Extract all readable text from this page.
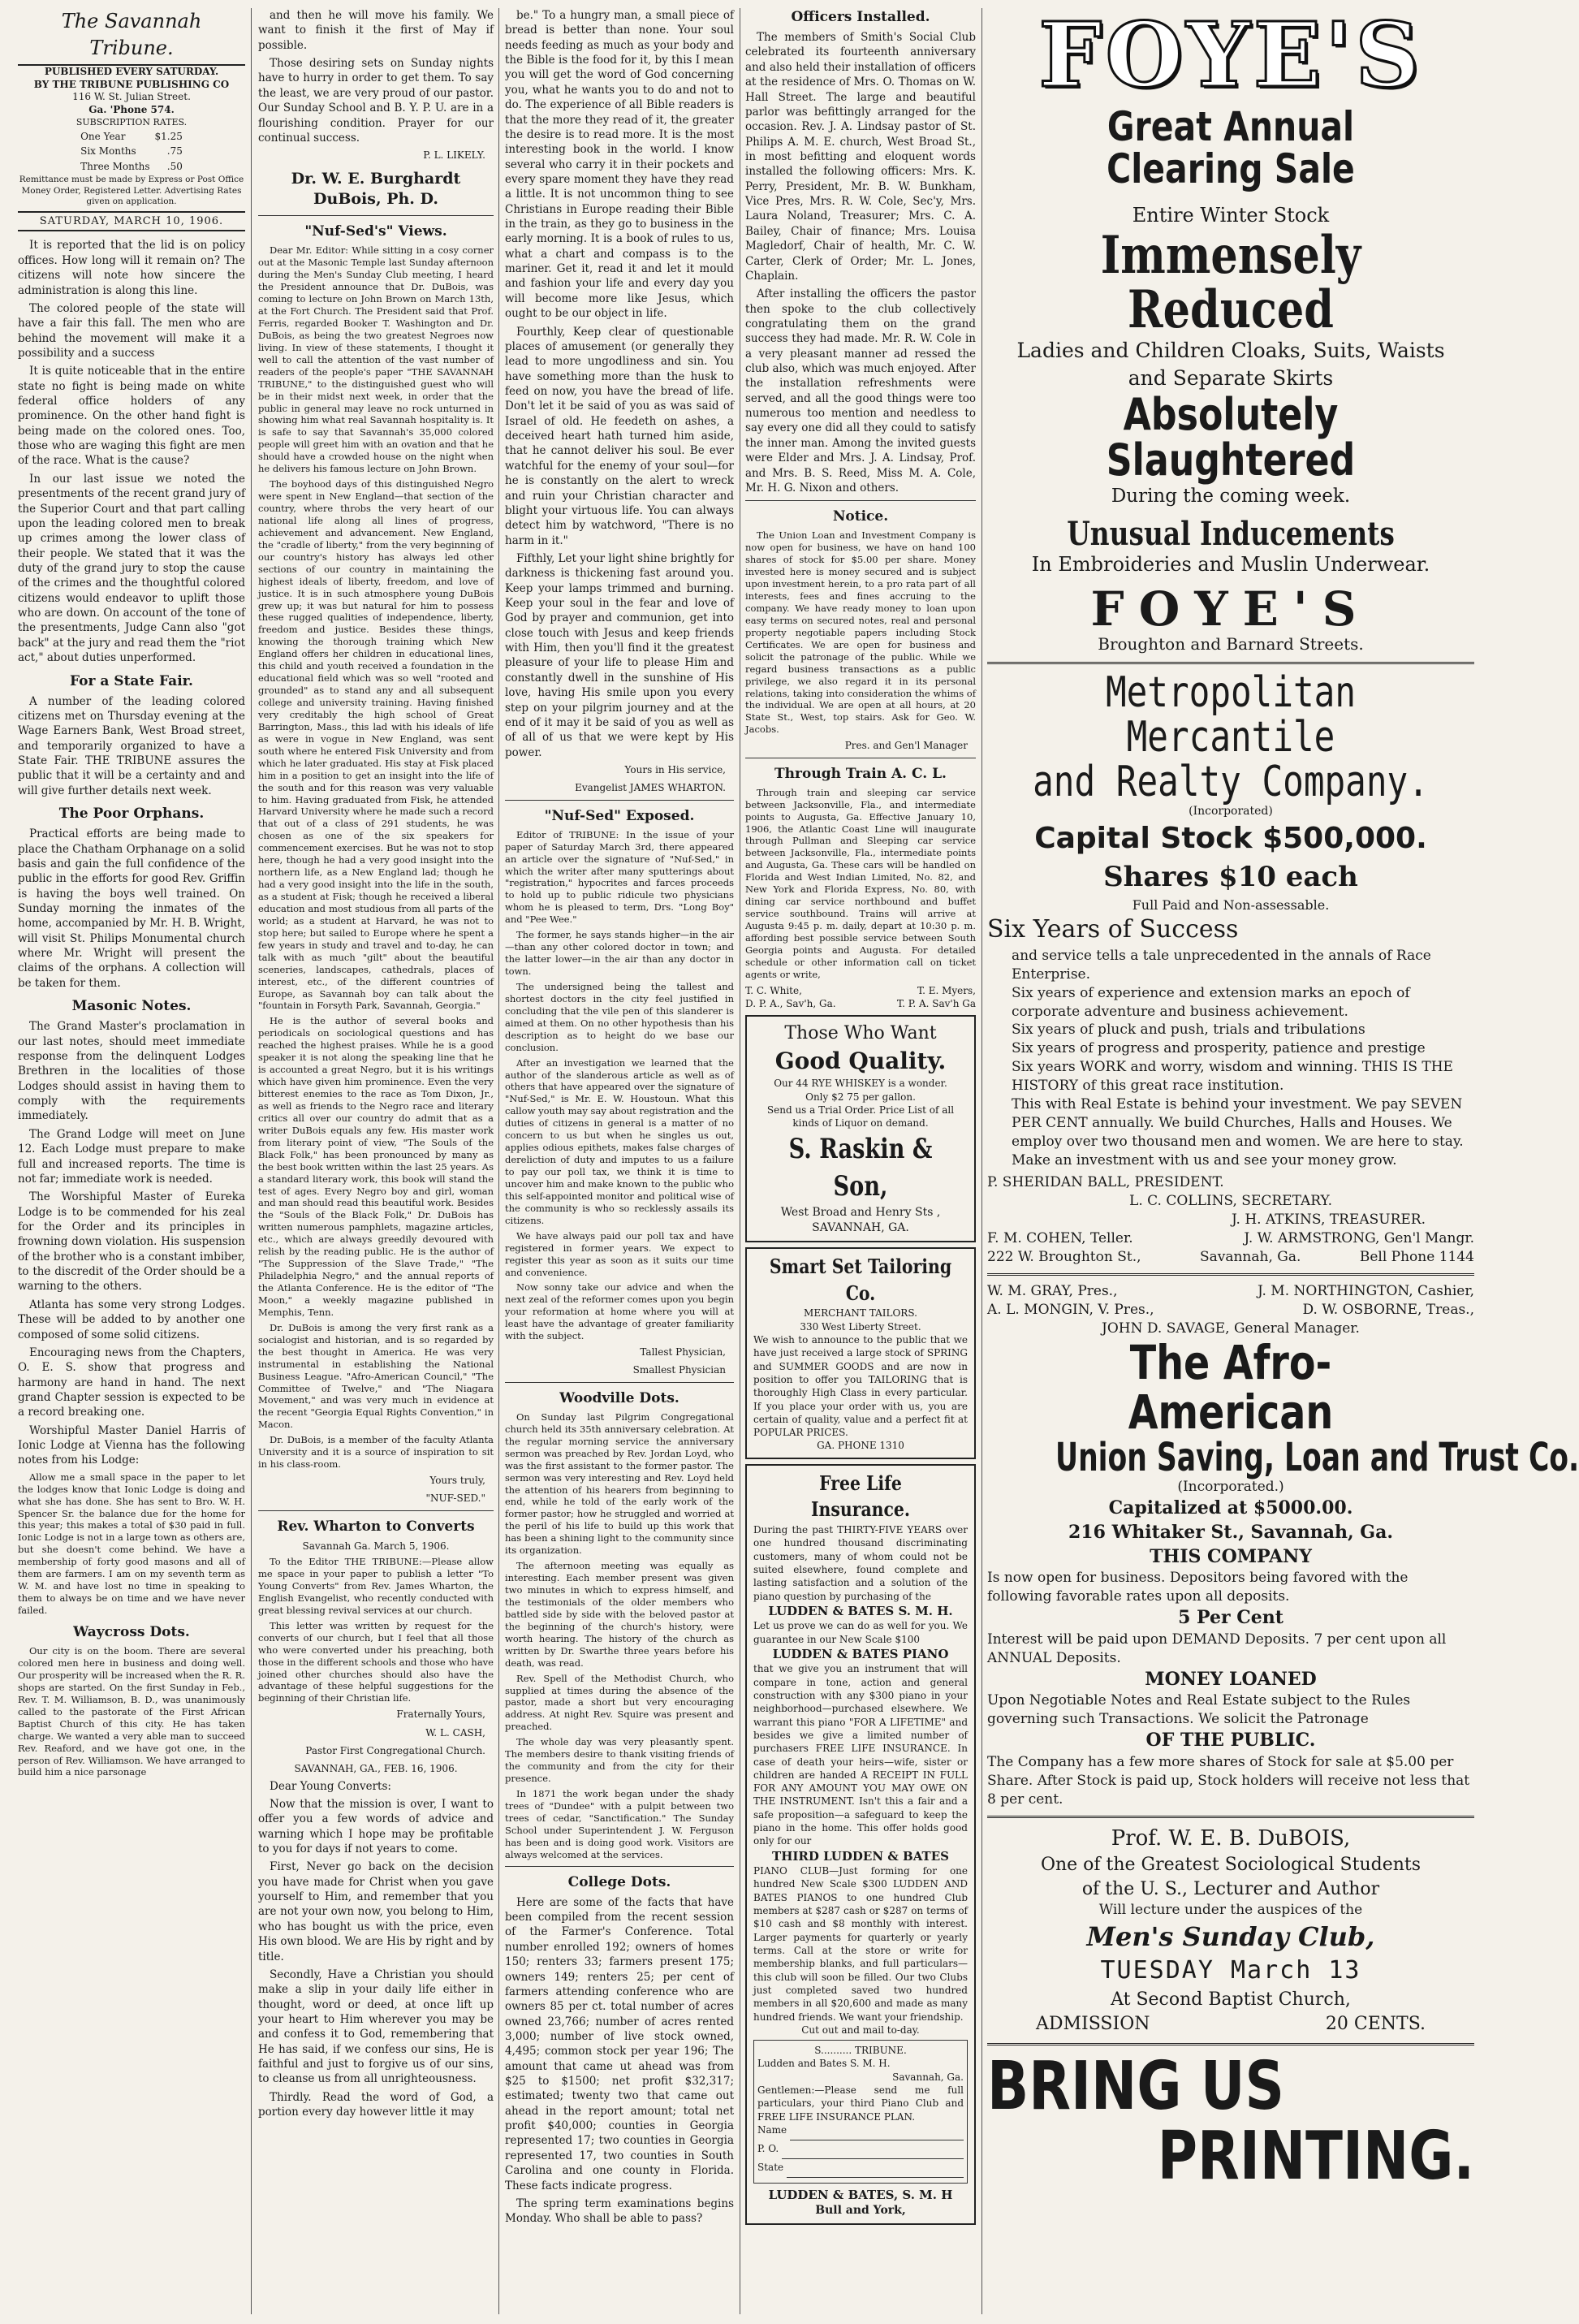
The Savannah Tribune.
PUBLISHED EVERY SATURDAY.
BY THE TRIBUNE PUBLISHING CO
116 W. St. Julian Street.
Ga. 'Phone 574.
SUBSCRIPTION RATES.
One Year	$1.25
Six Months	.75
Three Months	.50
Remittance must be made by Express or Post Office Money Order, Registered Letter. Advertising Rates given on application.
SATURDAY, MARCH 10, 1906.

It is reported that the lid is on policy offices. How long will it remain on? The citizens will note how sincere the administration is along this line.

The colored people of the state will have a fair this fall. The men who are behind the movement will make it a possibility and a success

It is quite noticeable that in the entire state no fight is being made on white federal office holders of any prominence. On the other hand fight is being made on the colored ones. Too, those who are waging this fight are men of the race. What is the cause?

In our last issue we noted the presentments of the recent grand jury of the Superior Court and that part calling upon the leading colored men to break up crimes among the lower class of their people. We stated that it was the duty of the grand jury to stop the cause of the crimes and the thoughtful colored citizens would endeavor to uplift those who are down. On account of the tone of the presentments, Judge Cann also "got back" at the jury and read them the "riot act," about duties unperformed.

For a State Fair.

A number of the leading colored citizens met on Thursday evening at the Wage Earners Bank, West Broad street, and temporarily organized to have a State Fair. THE TRIBUNE assures the public that it will be a certainty and and will give further details next week.

The Poor Orphans.

Practical efforts are being made to place the Chatham Orphanage on a solid basis and gain the full confidence of the public in the efforts for good Rev. Griffin is having the boys well trained. On Sunday morning the inmates of the home, accompanied by Mr. H. B. Wright, will visit St. Philips Monumental church where Mr. Wright will present the claims of the orphans. A collection will be taken for them.

Masonic Notes.

The Grand Master's proclamation in our last notes, should meet immediate response from the delinquent Lodges Brethren in the localities of those Lodges should assist in having them to comply with the requirements immediately.

The Grand Lodge will meet on June 12. Each Lodge must prepare to make full and increased reports. The time is not far; immediate work is needed.

The Worshipful Master of Eureka Lodge is to be commended for his zeal for the Order and its principles in frowning down violation. His suspension of the brother who is a constant imbiber, to the discredit of the Order should be a warning to the others.

Atlanta has some very strong Lodges. These will be added to by another one composed of some solid citizens.

Encouraging news from the Chapters, O. E. S. show that progress and harmony are hand in hand. The next grand Chapter session is expected to be a record breaking one.

Worshipful Master Daniel Harris of Ionic Lodge at Vienna has the following notes from his Lodge:

Allow me a small space in the paper to let the lodges know that Ionic Lodge is doing and what she has done. She has sent to Bro. W. H. Spencer Sr. the balance due for the home for this year; this makes a total of $30 paid in full. Ionic Lodge is not in a large town as others are, but she doesn't come behind. We have a membership of forty good masons and all of them are farmers. I am on my seventh term as W. M. and have lost no time in speaking to them to always be on time and we have never failed.

Waycross Dots.

Our city is on the boom. There are several colored men here in business and doing well. Our prosperity will be increased when the R. R. shops are started. On the first Sunday in Feb., Rev. T. M. Williamson, B. D., was unanimously called to the pastorate of the First African Baptist Church of this city. He has taken charge. We wanted a very able man to succeed Rev. Reaford, and we have got one, in the person of Rev. Williamson. We have arranged to build him a nice parsonage

and then he will move his family. We want to finish it the first of May if possible.

Those desiring sets on Sunday nights have to hurry in order to get them. To say the least, we are very proud of our pastor. Our Sunday School and B. Y. P. U. are in a flourishing condition. Prayer for our continual success.

P. L. LIKELY.
Dr. W. E. Burghardt DuBois, Ph. D.
"Nuf-Sed's" Views.

Dear Mr. Editor: While sitting in a cosy corner out at the Masonic Temple last Sunday afternoon during the Men's Sunday Club meeting, I heard the President announce that Dr. DuBois, was coming to lecture on John Brown on March 13th, at the Fort Church. The President said that Prof. Ferris, regarded Booker T. Washington and Dr. DuBois, as being the two greatest Negroes now living. In view of these statements, I thought it well to call the attention of the vast number of readers of the people's paper "THE SAVANNAH TRIBUNE," to the distinguished guest who will be in their midst next week, in order that the public in general may leave no rock unturned in showing him what real Savannah hospitality is. It is safe to say that Savannah's 35,000 colored people will greet him with an ovation and that he should have a crowded house on the night when he delivers his famous lecture on John Brown.

The boyhood days of this distinguished Negro were spent in New England—that section of the country, where throbs the very heart of our national life along all lines of progress, achievement and advancement. New England, the "cradle of liberty," from the very beginning of our country's history has always led other sections of our country in maintaining the highest ideals of liberty, freedom, and love of justice. It is in such atmosphere young DuBois grew up; it was but natural for him to possess these rugged qualities of independence, liberty, freedom and justice. Besides these things, knowing the thorough training which New England offers her children in educational lines, this child and youth received a foundation in the educational field which was so well "rooted and grounded" as to stand any and all subsequent college and university training. Having finished very creditably the high school of Great Barrington, Mass., this lad with his ideals of life as were in vogue in New England, was sent south where he entered Fisk University and from which he later graduated. His stay at Fisk placed him in a position to get an insight into the life of the south and for this reason was very valuable to him. Having graduated from Fisk, he attended Harvard University where he made such a record that out of a class of 291 students, he was chosen as one of the six speakers for commencement exercises. But he was not to stop here, though he had a very good insight into the northern life, as a New England lad; though he had a very good insight into the life in the south, as a student at Fisk; though he received a liberal education and most studious from all parts of the world; as a student at Harvard, he was not to stop here; but sailed to Europe where he spent a few years in study and travel and to-day, he can talk with as much "gilt" about the beautiful sceneries, landscapes, cathedrals, places of interest, etc., of the different countries of Europe, as Savannah boy can talk about the "fountain in Forsyth Park, Savannah, Georgia."

He is the author of several books and periodicals on sociological questions and has reached the highest praises. While he is a good speaker it is not along the speaking line that he is accounted a great Negro, but it is his writings which have given him prominence. Even the very bitterest enemies to the race as Tom Dixon, Jr., as well as friends to the Negro race and literary critics all over our country do admit that as a writer DuBois equals any few. His master work from literary point of view, "The Souls of the Black Folk," has been pronounced by many as the best book written within the last 25 years. As a standard literary work, this book will stand the test of ages. Every Negro boy and girl, woman and man should read this beautiful work. Besides the "Souls of the Black Folk," Dr. DuBois has written numerous pamphlets, magazine articles, etc., which are always greedily devoured with relish by the reading public. He is the author of "The Suppression of the Slave Trade," "The Philadelphia Negro," and the annual reports of the Atlanta Conference. He is the editor of "The Moon," a weekly magazine published in Memphis, Tenn.

Dr. DuBois is among the very first rank as a socialogist and historian, and is so regarded by the best thought in America. He was very instrumental in establishing the National Business League. "Afro-American Council," "The Committee of Twelve," and "The Niagara Movement," and was very much in evidence at the recent "Georgia Equal Rights Convention," in Macon.

Dr. DuBois, is a member of the faculty Atlanta University and it is a source of inspiration to sit in his class-room.

Yours truly,
"NUF-SED."
Rev. Wharton to Converts
Savannah Ga. March 5, 1906.

To the Editor THE TRIBUNE:—Please allow me space in your paper to publish a letter "To Young Converts" from Rev. James Wharton, the English Evangelist, who recently conducted with great blessing revival services at our church.

This letter was written by request for the converts of our church, but I feel that all those who were converted under his preaching, both those in the different schools and those who have joined other churches should also have the advantage of these helpful suggestions for the beginning of their Christian life.

Fraternally Yours,
W. L. CASH,
Pastor First Congregational Church.
SAVANNAH, GA., FEB. 16, 1906.

Dear Young Converts:

Now that the mission is over, I want to offer you a few words of advice and warning which I hope may be profitable to you for days if not years to come.

First, Never go back on the decision you have made for Christ when you gave yourself to Him, and remember that you are not your own now, you belong to Him, who has bought us with the price, even His own blood. We are His by right and by title.

Secondly, Have a Christian you should make a slip in your daily life either in thought, word or deed, at once lift up your heart to Him wherever you may be and confess it to God, remembering that He has said, if we confess our sins, He is faithful and just to forgive us of our sins, to cleanse us from all unrighteousness.

Thirdly. Read the word of God, a portion every day however little it may

be." To a hungry man, a small piece of bread is better than none. Your soul needs feeding as much as your body and the Bible is the food for it, by this I mean you will get the word of God concerning you, what he wants you to do and not to do. The experience of all Bible readers is that the more they read of it, the greater the desire is to read more. It is the most interesting book in the world. I know several who carry it in their pockets and every spare moment they have they read a little. It is not uncommon thing to see Christians in Europe reading their Bible in the train, as they go to business in the early morning. It is a book of rules to us, what a chart and compass is to the mariner. Get it, read it and let it mould and fashion your life and every day you will become more like Jesus, which ought to be our object in life.

Fourthly, Keep clear of questionable places of amusement (or generally they lead to more ungodliness and sin. You have something more than the husk to feed on now, you have the bread of life. Don't let it be said of you as was said of Israel of old. He feedeth on ashes, a deceived heart hath turned him aside, that he cannot deliver his soul. Be ever watchful for the enemy of your soul—for he is constantly on the alert to wreck and ruin your Christian character and blight your virtuous life. You can always detect him by watchword, "There is no harm in it."

Fifthly, Let your light shine brightly for darkness is thickening fast around you. Keep your lamps trimmed and burning. Keep your soul in the fear and love of God by prayer and communion, get into close touch with Jesus and keep friends with Him, then you'll find it the greatest pleasure of your life to please Him and constantly dwell in the sunshine of His love, having His smile upon you every step on your pilgrim journey and at the end of it may it be said of you as well as of all of us that we were kept by His power.

Yours in His service,
Evangelist JAMES WHARTON.
"Nuf-Sed" Exposed.

Editor of TRIBUNE: In the issue of your paper of Saturday March 3rd, there appeared an article over the signature of "Nuf-Sed," in which the writer after many sputterings about "registration," hypocrites and farces proceeds to hold up to public ridicule two physicians whom he is pleased to term, Drs. "Long Boy" and "Pee Wee."

The former, he says stands higher—in the air—than any other colored doctor in town; and the latter lower—in the air than any doctor in town.

The undersigned being the tallest and shortest doctors in the city feel justified in concluding that the vile pen of this slanderer is aimed at them. On no other hypothesis than his description as to height do we base our conclusion.

After an investigation we learned that the author of the slanderous article as well as of others that have appeared over the signature of "Nuf-Sed," is Mr. E. W. Houstoun. What this callow youth may say about registration and the duties of citizens in general is a matter of no concern to us but when he singles us out, applies odious epithets, makes false charges of dereliction of duty and imputes to us a failure to pay our poll tax, we think it is time to uncover him and make known to the public who this self-appointed monitor and political wise of the community is who so recklessly assails its citizens.

We have always paid our poll tax and have registered in former years. We expect to register this year as soon as it suits our time and convenience.

Now sonny take our advice and when the next zeal of the reformer comes upon you begin your reformation at home where you will at least have the advantage of greater familiarity with the subject.

Tallest Physician,
Smallest Physician
Woodville Dots.

On Sunday last Pilgrim Congregational church held its 35th anniversary celebration. At the regular morning service the anniversary sermon was preached by Rev. Jordan Loyd, who was the first assistant to the former pastor. The sermon was very interesting and Rev. Loyd held the attention of his hearers from beginning to end, while he told of the early work of the former pastor; how he struggled and worried at the peril of his life to build up this work that has been a shining light to the community since its organization.

The afternoon meeting was equally as interesting. Each member present was given two minutes in which to express himself, and the testimonials of the older members who battled side by side with the beloved pastor at the beginning of the church's history, were worth hearing. The history of the church as written by Dr. Swarthe three years before his death, was read.

Rev. Spell of the Methodist Church, who supplied at times during the absence of the pastor, made a short but very encouraging address. At night Rev. Squire was present and preached.

The whole day was very pleasantly spent. The members desire to thank visiting friends of the community and from the city for their presence.

In 1871 the work began under the shady trees of "Dundee" with a pulpit between two trees of cedar, "Sanctification." The Sunday School under Superintendent J. W. Ferguson has been and is doing good work. Visitors are always welcomed at the services.

College Dots.

Here are some of the facts that have been compiled from the recent session of the Farmer's Conference. Total number enrolled 192; owners of homes 150; renters 33; farmers present 175; owners 149; renters 25; per cent of farmers attending conference who are owners 85 per ct. total number of acres owned 23,766; number of acres rented 3,000; number of live stock owned, 4,495; common stock per year 196; The amount that came ut ahead was from $25 to $1500; net profit $32,317; estimated; twenty two that came out ahead in the report amount; total net profit $40,000; counties in Georgia represented 17; two counties in Georgia represented 17, two counties in South Carolina and one county in Florida. These facts indicate progress.

The spring term examinations begins Monday. Who shall be able to pass?

Officers Installed.

The members of Smith's Social Club celebrated its fourteenth anniversary and also held their installation of officers at the residence of Mrs. O. Thomas on W. Hall Street. The large and beautiful parlor was befittingly arranged for the occasion. Rev. J. A. Lindsay pastor of St. Philips A. M. E. church, West Broad St., in most befitting and eloquent words installed the following officers: Mrs. K. Perry, President, Mr. B. W. Bunkham, Vice Pres, Mrs. R. W. Cole, Sec'y, Mrs. Laura Noland, Treasurer; Mrs. C. A. Bailey, Chair of finance; Mrs. Louisa Magledorf, Chair of health, Mr. C. W. Carter, Clerk of Order; Mr. L. Jones, Chaplain.

After installing the officers the pastor then spoke to the club collectively congratulating them on the grand success they had made. Mr. R. W. Cole in a very pleasant manner ad ressed the club also, which was much enjoyed. After the installation refreshments were served, and all the good things were too numerous too mention and needless to say every one did all they could to satisfy the inner man. Among the invited guests were Elder and Mrs. J. A. Lindsay, Prof. and Mrs. B. S. Reed, Miss M. A. Cole, Mr. H. G. Nixon and others.

Notice.

The Union Loan and Investment Company is now open for business, we have on hand 100 shares of stock for $5.00 per share. Money invested here is money secured and is subject upon investment herein, to a pro rata part of all interests, fees and fines accruing to the company. We have ready money to loan upon easy terms on secured notes, real and personal property negotiable papers including Stock Certificates. We are open for business and solicit the patronage of the public. While we regard business transactions as a public privilege, we also regard it in its personal relations, taking into consideration the whims of the individual. We are open at all hours, at 20 State St., West, top stairs. Ask for Geo. W. Jacobs.

Pres. and Gen'l Manager
Through Train A. C. L.

Through train and sleeping car service between Jacksonville, Fla., and intermediate points to Augusta, Ga. Effective January 10, 1906, the Atlantic Coast Line will inaugurate through Pullman and Sleeping car service between Jacksonville, Fla., intermediate points and Augusta, Ga. These cars will be handled on Florida and West Indian Limited, No. 82, and New York and Florida Express, No. 80, with dining car service northbound and buffet service southbound. Trains will arrive at Augusta 9:45 p. m. daily, depart at 10:30 p. m. affording best possible service between South Georgia points and Augusta. For detailed schedule or other information call on ticket agents or write,

T. C. White,	T. E. Myers,
D. P. A., Sav'h, Ga.	T. P. A. Sav'h Ga
Those Who Want
Good Quality.
Our 44 RYE WHISKEY is a wonder.
Only $2 75 per gallon.
Send us a Trial Order. Price List of all kinds of Liquor on demand.
S. Raskin & Son,
West Broad and Henry Sts ,
SAVANNAH, GA.
Smart Set Tailoring Co.
MERCHANT TAILORS.
330 West Liberty Street.
We wish to announce to the public that we have just received a large stock of SPRING and SUMMER GOODS and are now in position to offer you TAILORING that is thoroughly High Class in every particular. If you place your order with us, you are certain of quality, value and a perfect fit at POPULAR PRICES.
GA. PHONE 1310
Free Life Insurance.
During the past THIRTY-FIVE YEARS over one hundred thousand discriminating customers, many of whom could not be suited elsewhere, found complete and lasting satisfaction and a solution of the piano question by purchasing of the
LUDDEN & BATES S. M. H.
Let us prove we can do as well for you. We guarantee in our New Scale $100
LUDDEN & BATES PIANO
that we give you an instrument that will compare in tone, action and general construction with any $300 piano in your neighborhood—purchased elsewhere. We warrant this piano "FOR A LIFETIME" and besides we give a limited number of purchasers FREE LIFE INSURANCE. In case of death your heirs—wife, sister or children are handed A RECEIPT IN FULL FOR ANY AMOUNT YOU MAY OWE ON THE INSTRUMENT. Isn't this a fair and a safe proposition—a safeguard to keep the piano in the home. This offer holds good only for our
THIRD LUDDEN & BATES
PIANO CLUB—Just forming for one hundred New Scale $300 LUDDEN AND BATES PIANOS to one hundred Club members at $287 cash or $287 on terms of $10 cash and $8 monthly with interest. Larger payments for quarterly or yearly terms. Call at the store or write for membership blanks, and full particulars—this club will soon be filled. Our two Clubs just completed saved two hundred members in all $20,600 and made as many hundred friends. We want your friendship.
Cut out and mail to-day.
S.......... TRIBUNE.
Ludden and Bates S. M. H.
Savannah, Ga.
Gentlemen:—Please send me full particulars, your third Piano Club and FREE LIFE INSURANCE PLAN.
Name
P. O.
State
LUDDEN & BATES, S. M. H
Bull and York,
FOYE'S
Great Annual Clearing Sale
Entire Winter Stock
Immensely Reduced
Ladies and Children Cloaks, Suits, Waists
and Separate Skirts
Absolutely Slaughtered
During the coming week.
Unusual Inducements
In Embroideries and Muslin Underwear.
FOYE'S
Broughton and Barnard Streets.
Metropolitan Mercantile
and Realty Company.
(Incorporated)
Capital Stock $500,000.
Shares $10 each
Full Paid and Non-assessable.
Six Years of Success
and service tells a tale unprecedented in the annals of Race Enterprise.
Six years of experience and extension marks an epoch of corporate adventure and business achievement.
Six years of pluck and push, trials and tribulations
Six years of progress and prosperity, patience and prestige
Six years WORK and worry, wisdom and winning. THIS IS THE HISTORY of this great race institution.
This with Real Estate is behind your investment. We pay SEVEN PER CENT annually. We build Churches, Halls and Houses. We employ over two thousand men and women. We are here to stay. Make an investment with us and see your money grow.
P. SHERIDAN BALL, PRESIDENT.
L. C. COLLINS, SECRETARY.
J. H. ATKINS, TREASURER.
F. M. COHEN, Teller.	J. W. ARMSTRONG, Gen'l Mangr.
222 W. Broughton St.,	Savannah, Ga.	Bell Phone 1144
W. M. GRAY, Pres.,	J. M. NORTHINGTON, Cashier,
A. L. MONGIN, V. Pres.,	D. W. OSBORNE, Treas.,
JOHN D. SAVAGE, General Manager.
The Afro-American
Union Saving, Loan and Trust Co.
(Incorporated.)
Capitalized at $5000.00.
216 Whitaker St., Savannah, Ga.
THIS COMPANY
Is now open for business. Depositors being favored with the following favorable rates upon all deposits.
5 Per Cent
Interest will be paid upon DEMAND Deposits. 7 per cent upon all ANNUAL Deposits.
MONEY LOANED
Upon Negotiable Notes and Real Estate subject to the Rules governing such Transactions. We solicit the Patronage
OF THE PUBLIC.
The Company has a few more shares of Stock for sale at $5.00 per Share. After Stock is paid up, Stock holders will receive not less that 8 per cent.
Prof. W. E. B. DuBOIS,
One of the Greatest Sociological Students
of the U. S., Lecturer and Author
Will lecture under the auspices of the
Men's Sunday Club,
TUESDAY March 13
At Second Baptist Church,
ADMISSION	20 CENTS.
BRING US
PRINTING.
